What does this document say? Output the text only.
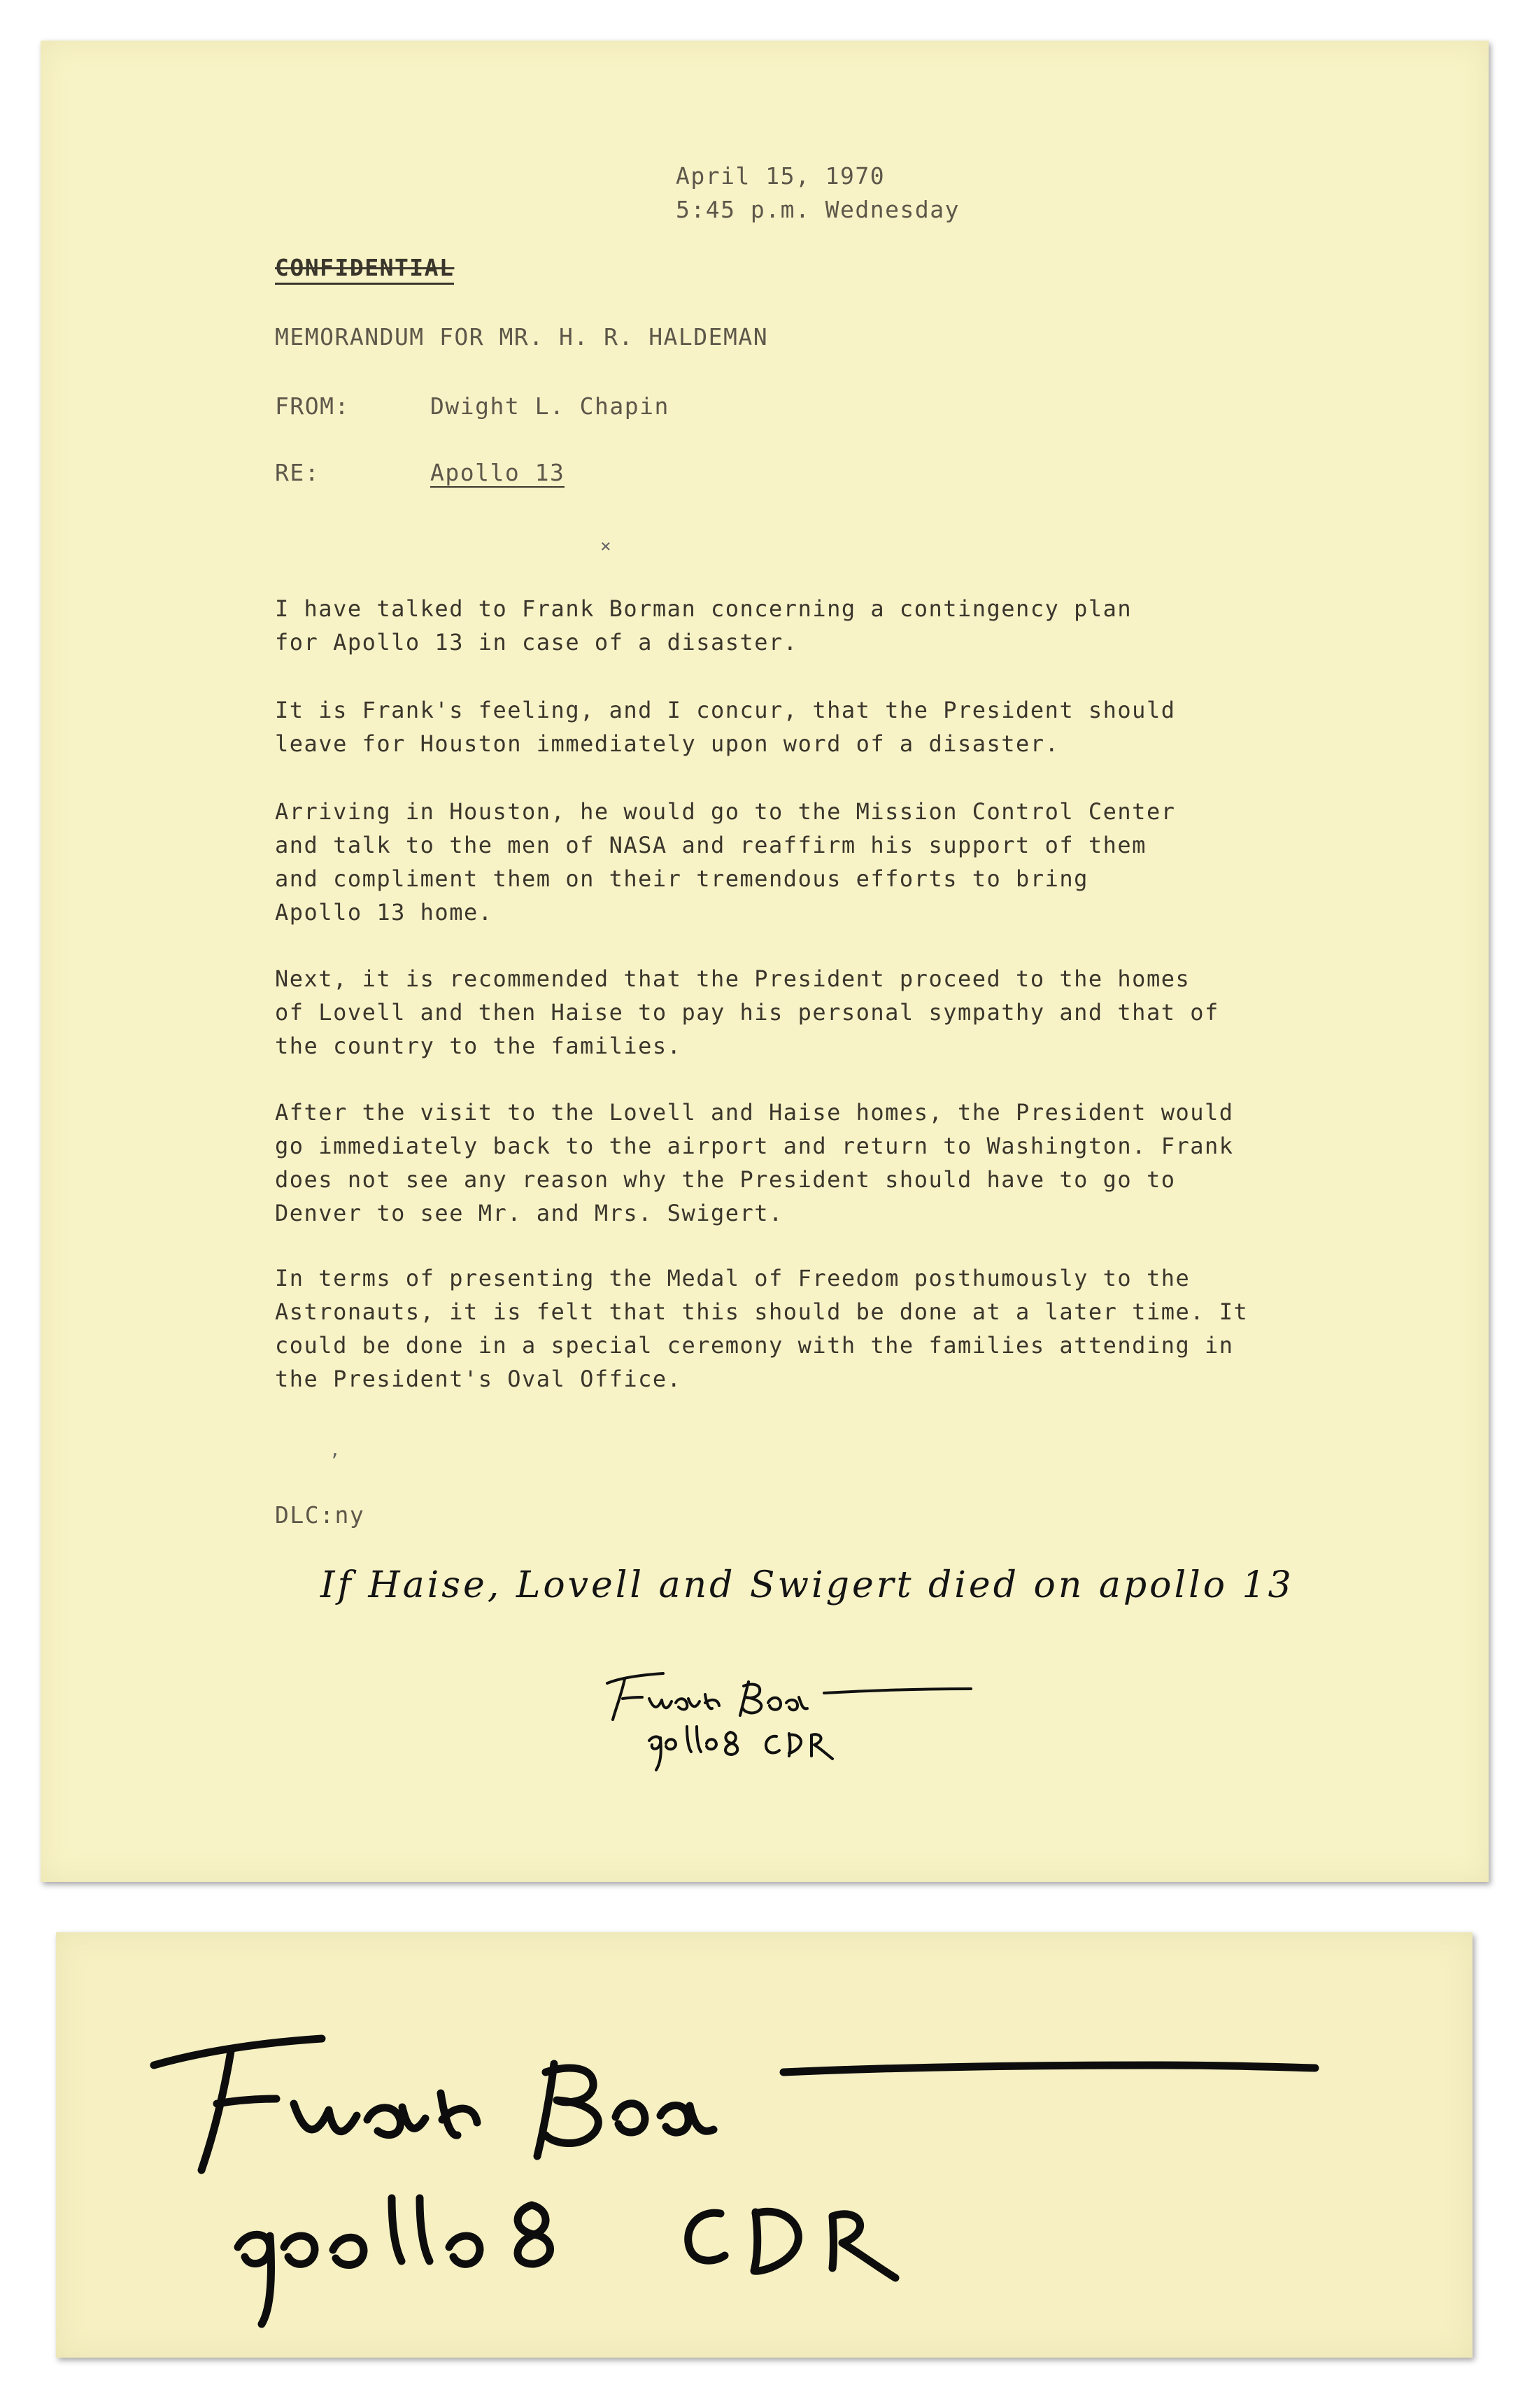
April 15, 1970
5:45 p.m. Wednesday
CONFIDENTIAL
MEMORANDUM FOR MR. H. R. HALDEMAN
FROM:	Dwight L. Chapin
RE:	Apollo 13
I have talked to Frank Borman concerning a contingency plan
for Apollo 13 in case of a disaster.
It is Frank's feeling, and I concur, that the President should
leave for Houston immediately upon word of a disaster.
Arriving in Houston, he would go to the Mission Control Center
and talk to the men of NASA and reaffirm his support of them
and compliment them on their tremendous efforts to bring
Apollo 13 home.
Next, it is recommended that the President proceed to the homes
of Lovell and then Haise to pay his personal sympathy and that of
the country to the families.
After the visit to the Lovell and Haise homes, the President would
go immediately back to the airport and return to Washington. Frank
does not see any reason why the President should have to go to
Denver to see Mr. and Mrs. Swigert.
In terms of presenting the Medal of Freedom posthumously to the
Astronauts, it is felt that this should be done at a later time. It
could be done in a special ceremony with the families attending in
the President's Oval Office.
DLC:ny
If Haise, Lovell and Swigert died on apollo 13
×
,
